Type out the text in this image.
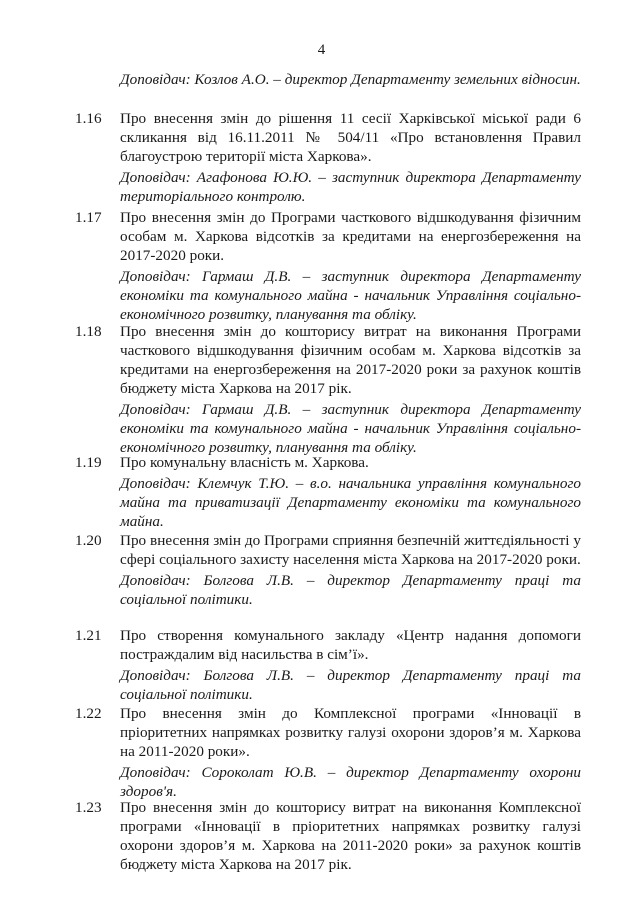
4
Доповідач: Козлов А.О. – директор Департаменту земельних відносин.
1.16 Про внесення змін до рішення 11 сесії Харківської міської ради 6 скликання від 16.11.2011 № 504/11 «Про встановлення Правил благоустрою території міста Харкова».
Доповідач: Агафонова Ю.Ю. – заступник директора Департаменту територіального контролю.
1.17 Про внесення змін до Програми часткового відшкодування фізичним особам м. Харкова відсотків за кредитами на енергозбереження на 2017-2020 роки.
Доповідач: Гармаш Д.В. – заступник директора Департаменту економіки та комунального майна - начальник Управління соціально-економічного розвитку, планування та обліку.
1.18 Про внесення змін до кошторису витрат на виконання Програми часткового відшкодування фізичним особам м. Харкова відсотків за кредитами на енергозбереження на 2017-2020 роки за рахунок коштів бюджету міста Харкова на 2017 рік.
Доповідач: Гармаш Д.В. – заступник директора Департаменту економіки та комунального майна - начальник Управління соціально-економічного розвитку, планування та обліку.
1.19 Про комунальну власність м. Харкова.
Доповідач: Клемчук Т.Ю. – в.о. начальника управління комунального майна та приватизації Департаменту економіки та комунального майна.
1.20 Про внесення змін до Програми сприяння безпечній життєдіяльності у сфері соціального захисту населення міста Харкова на 2017-2020 роки.
Доповідач: Болгова Л.В. – директор Департаменту праці та соціальної політики.
1.21 Про створення комунального закладу «Центр надання допомоги постраждалим від насильства в сім’ї».
Доповідач: Болгова Л.В. – директор Департаменту праці та соціальної політики.
1.22 Про внесення змін до Комплексної програми «Інновації в пріоритетних напрямках розвитку галузі охорони здоров’я м. Харкова на 2011-2020 роки».
Доповідач: Сороколат Ю.В. – директор Департаменту охорони здоров'я.
1.23 Про внесення змін до кошторису витрат на виконання Комплексної програми «Інновації в пріоритетних напрямках розвитку галузі охорони здоров’я м. Харкова на 2011-2020 роки» за рахунок коштів бюджету міста Харкова на 2017 рік.
